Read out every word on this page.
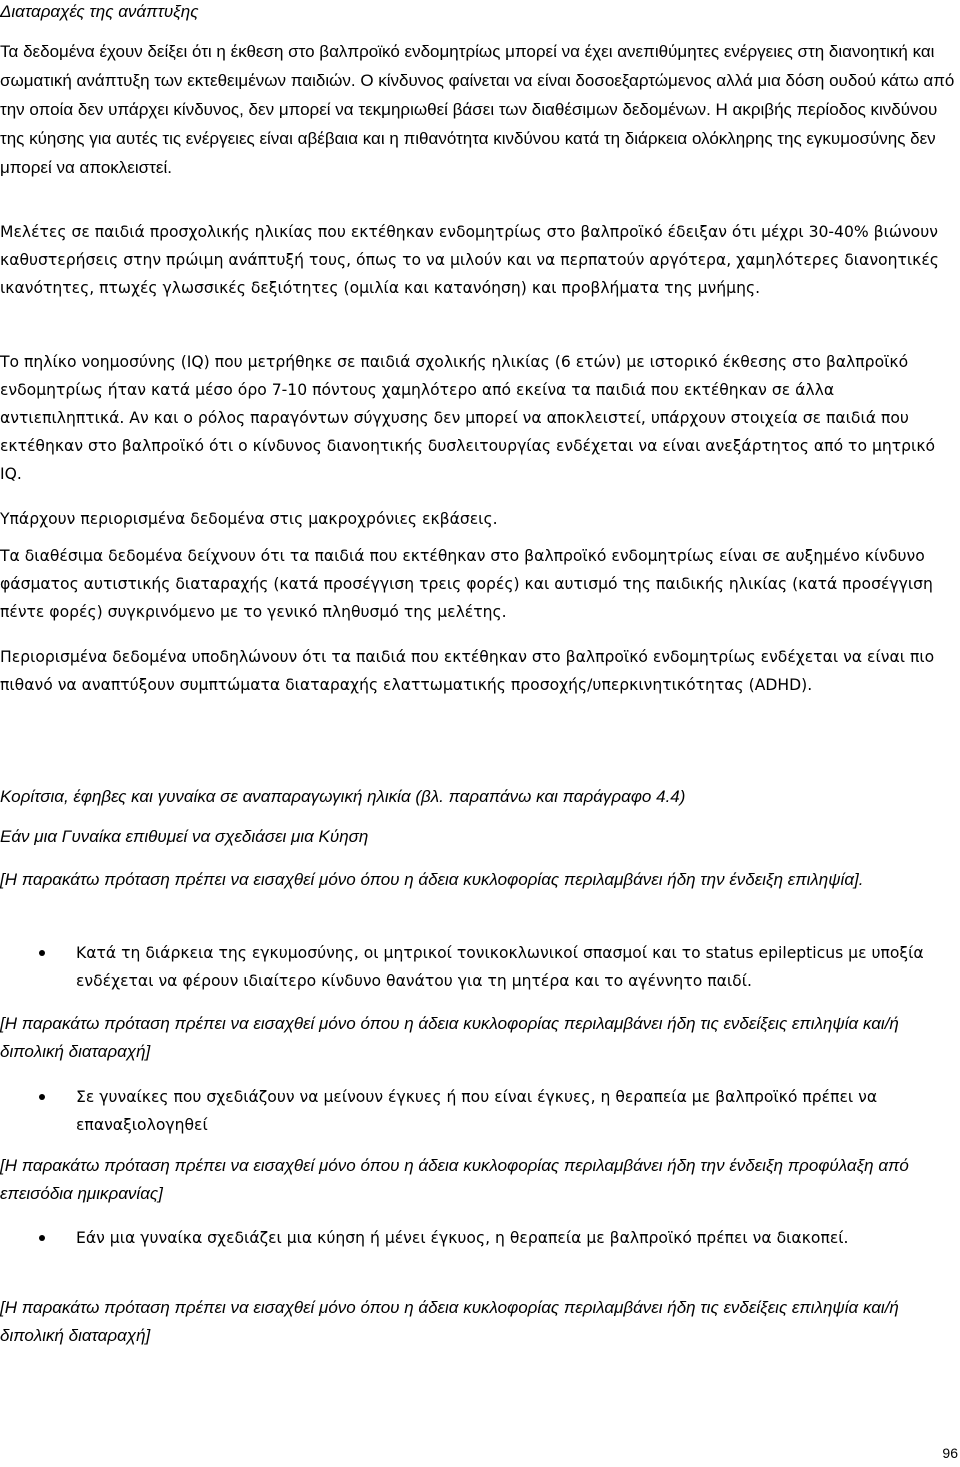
Διαταραχές της ανάπτυξης

Τα δεδομένα έχουν δείξει ότι η έκθεση στο βαλπροϊκό ενδομητρίως μπορεί να έχει ανεπιθύμητες ενέργειες στη διανοητική και σωματική ανάπτυξη των εκτεθειμένων παιδιών. Ο κίνδυνος φαίνεται να είναι δοσοεξαρτώμενος αλλά μια δόση ουδού κάτω από την οποία δεν υπάρχει κίνδυνος, δεν μπορεί να τεκμηριωθεί βάσει των διαθέσιμων δεδομένων. Η ακριβής περίοδος κινδύνου της κύησης για αυτές τις ενέργειες είναι αβέβαια και η πιθανότητα κινδύνου κατά τη διάρκεια ολόκληρης της εγκυμοσύνης δεν μπορεί να αποκλειστεί.

Μελέτες σε παιδιά προσχολικής ηλικίας που εκτέθηκαν ενδομητρίως στο βαλπροϊκό έδειξαν ότι μέχρι 30-40% βιώνουν καθυστερήσεις στην πρώιμη ανάπτυξή τους, όπως το να μιλούν και να περπατούν αργότερα, χαμηλότερες διανοητικές ικανότητες, πτωχές γλωσσικές δεξιότητες (ομιλία και κατανόηση) και προβλήματα της μνήμης.

Το πηλίκο νοημοσύνης (IQ) που μετρήθηκε σε παιδιά σχολικής ηλικίας (6 ετών) με ιστορικό έκθεσης στο βαλπροϊκό ενδομητρίως ήταν κατά μέσο όρο 7-10 πόντους χαμηλότερο από εκείνα τα παιδιά που εκτέθηκαν σε άλλα αντιεπιληπτικά. Αν και ο ρόλος παραγόντων σύγχυσης δεν μπορεί να αποκλειστεί, υπάρχουν στοιχεία σε παιδιά που εκτέθηκαν στο βαλπροϊκό ότι ο κίνδυνος διανοητικής δυσλειτουργίας ενδέχεται να είναι ανεξάρτητος από το μητρικό IQ.

Υπάρχουν περιορισμένα δεδομένα στις μακροχρόνιες εκβάσεις.

Τα διαθέσιμα δεδομένα δείχνουν ότι τα παιδιά που εκτέθηκαν στο βαλπροϊκό ενδομητρίως είναι σε αυξημένο κίνδυνο φάσματος αυτιστικής διαταραχής (κατά προσέγγιση τρεις φορές) και αυτισμό της παιδικής ηλικίας (κατά προσέγγιση πέντε φορές) συγκρινόμενο με το γενικό πληθυσμό της μελέτης.

Περιορισμένα δεδομένα υποδηλώνουν ότι τα παιδιά που εκτέθηκαν στο βαλπροϊκό ενδομητρίως ενδέχεται να είναι πιο πιθανό να αναπτύξουν συμπτώματα διαταραχής ελαττωματικής προσοχής/υπερκινητικότητας (ADHD).

Κορίτσια, έφηβες και γυναίκα σε αναπαραγωγική ηλικία (βλ. παραπάνω και παράγραφο 4.4)

Εάν μια Γυναίκα επιθυμεί να σχεδιάσει μια Κύηση

[Η παρακάτω πρόταση πρέπει να εισαχθεί μόνο όπου η άδεια κυκλοφορίας περιλαμβάνει ήδη την ένδειξη επιληψία].

Κατά τη διάρκεια της εγκυμοσύνης, οι μητρικοί τονικοκλωνικοί σπασμοί και το status epilepticus με υποξία ενδέχεται να φέρουν ιδιαίτερο κίνδυνο θανάτου για τη μητέρα και το αγέννητο παιδί.

[Η παρακάτω πρόταση πρέπει να εισαχθεί μόνο όπου η άδεια κυκλοφορίας περιλαμβάνει ήδη τις ενδείξεις επιληψία και/ή διπολική διαταραχή]

Σε γυναίκες που σχεδιάζουν να μείνουν έγκυες ή που είναι έγκυες, η θεραπεία με βαλπροϊκό πρέπει να επαναξιολογηθεί

[Η παρακάτω πρόταση πρέπει να εισαχθεί μόνο όπου η άδεια κυκλοφορίας περιλαμβάνει ήδη την ένδειξη προφύλαξη από επεισόδια ημικρανίας]

Εάν μια γυναίκα σχεδιάζει μια κύηση ή μένει έγκυος, η θεραπεία με βαλπροϊκό πρέπει να διακοπεί.

[Η παρακάτω πρόταση πρέπει να εισαχθεί μόνο όπου η άδεια κυκλοφορίας περιλαμβάνει ήδη τις ενδείξεις επιληψία και/ή διπολική διαταραχή]

96
